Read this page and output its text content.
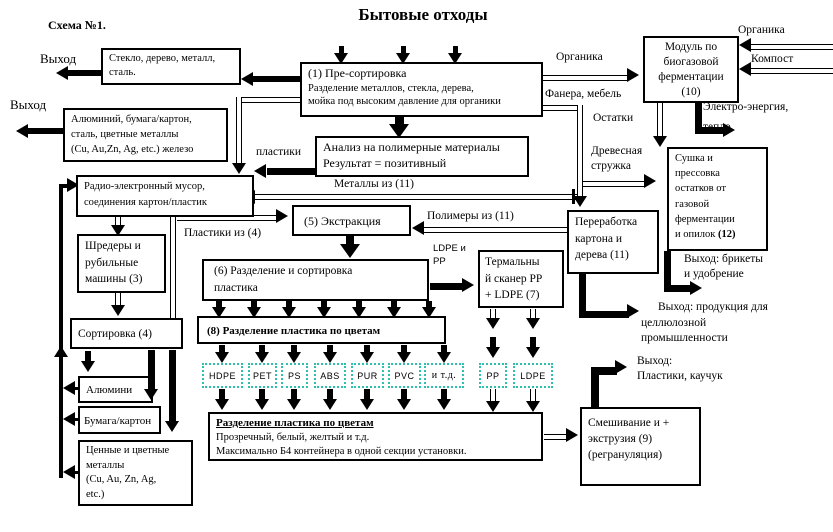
Схема №1.
Бытовые отходы
Стекло, дерево, металл,
сталь.
Алюминий, бумага/картон,
сталь, цветные металлы
(Cu, Au,Zn, Ag, etc.) железо
(1) Пре-сортировка
Разделение металлов, стекла, дерева,
мойка под высоким давление для органики
Анализ на полимерные материалы
Результат = позитивный
Радио-электронный мусор,
соединения картон/пластик
Шредеры и
рубильные
машины (3)
Сортировка (4)
Алюмини
Бумага/картон
Ценные и цветные
металлы
(Cu, Au, Zn, Ag,
etc.)
(5) Экстракция
(6) Разделение и сортировка
пластика
(8) Разделение пластика по цветам
Термальны
й сканер PP
+ LDPE (7)
Разделение пластика по цветам
Прозречный, белый, желтый и т.д.
Максимально Б4 контейнера в одной секции установки.
Смешивание и +
экструзия (9)
(регрануляция)
Модуль по
биогазовой
ферментации
(10)
Переработка
картона и
дерева (11)
Сушка и
прессовка
остатков от
газовой
ферментации
и опилок (12)
HDPE	PET	PS	ABS	PUR	PVC	и т.д.	PP	LDPE
Выход
Выход
пластики
Металлы из (11)
Полимеры из (11)
Пластики из (4)
Органика
Фанера, мебель
Остатки
Древесная
стружка
Органика
Компост
Электро-энергия,
тепло.
LDPE и
PP	Выход: брикеты
и удобрение
Выход: продукция для
целлюлозной
промышленности
Выход:
Пластики, каучук
